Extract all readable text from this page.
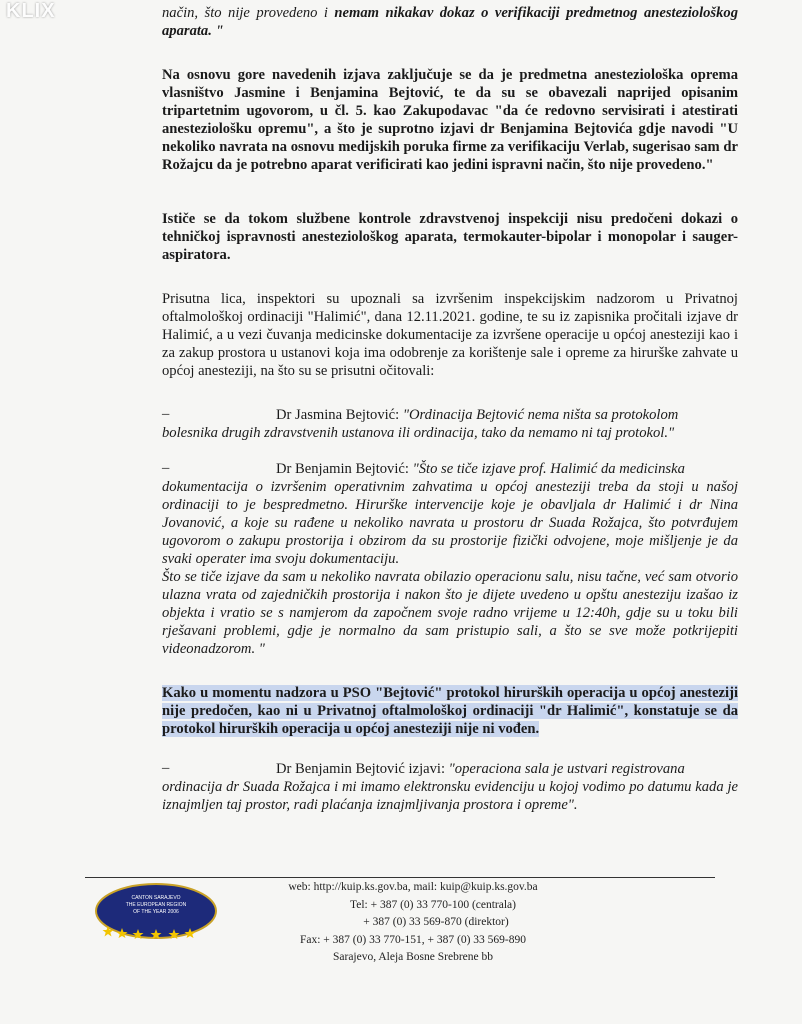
KLIX	način, što nije provedeno i nemam nikakav dokaz o verifikaciji predmetnog anesteziološkog aparata. "

Na osnovu gore navedenih izjava zaključuje se da je predmetna anesteziološka oprema vlasništvo Jasmine i Benjamina Bejtović, te da su se obavezali naprijed opisanim tripartetnim ugovorom, u čl. 5. kao Zakupodavac "da će redovno servisirati i atestirati anesteziološku opremu", a što je suprotno izjavi dr Benjamina Bejtovića gdje navodi "U nekoliko navrata na osnovu medijskih poruka firme za verifikaciju Verlab, sugerisao sam dr Rožajcu da je potrebno aparat verificirati kao jedini ispravni način, što nije provedeno."

Ističe se da tokom službene kontrole zdravstvenoj inspekciji nisu predočeni dokazi o tehničkoj ispravnosti anesteziološkog aparata, termokauter-bipolar i monopolar i sauger-aspiratora.

Prisutna lica, inspektori su upoznali sa izvršenim inspekcijskim nadzorom u Privatnoj oftalmološkoj ordinaciji "Halimić", dana 12.11.2021. godine, te su iz zapisnika pročitali izjave dr Halimić, a u vezi čuvanja medicinske dokumentacije za izvršene operacije u općoj anesteziji kao i za zakup prostora u ustanovi koja ima odobrenje za korištenje sale i opreme za hirurške zahvate u općoj anesteziji, na što su se prisutni očitovali:

–	Dr Jasmina Bejtović: "Ordinacija Bejtović nema ništa sa protokolom

bolesnika drugih zdravstvenih ustanova ili ordinacija, tako da nemamo ni taj protokol."

–	Dr Benjamin Bejtović: "Što se tiče izjave prof. Halimić da medicinska

dokumentacija o izvršenim operativnim zahvatima u općoj anesteziji treba da stoji u našoj ordinaciji to je bespredmetno. Hirurške intervencije koje je obavljala dr Halimić i dr Nina Jovanović, a koje su rađene u nekoliko navrata u prostoru dr Suada Rožajca, što potvrđujem ugovorom o zakupu prostorija i obzirom da su prostorije fizički odvojene, moje mišljenje je da svaki operater ima svoju dokumentaciju.

Što se tiče izjave da sam u nekoliko navrata obilazio operacionu salu, nisu tačne, već sam otvorio ulazna vrata od zajedničkih prostorija i nakon što je dijete uvedeno u opštu anesteziju izašao iz objekta i vratio se s namjerom da započnem svoje radno vrijeme u 12:40h, gdje su u toku bili rješavani problemi, gdje je normalno da sam pristupio sali, a što se sve može potkrijepiti videonadzorom. "

Kako u momentu nadzora u PSO "Bejtović" protokol hirurških operacija u općoj anesteziji nije predočen, kao ni u Privatnoj oftalmološkoj ordinaciji "dr Halimić", konstatuje se da protokol hirurških operacija u općoj anesteziji nije ni vođen.

–	Dr Benjamin Bejtović izjavi: "operaciona sala je ustvari registrovana

ordinacija dr Suada Rožajca i mi imamo elektronsku evidenciju u kojoj vodimo po datumu kada je iznajmljen taj prostor, radi plaćanja iznajmljivanja prostora i opreme".

CANTON SARAJEVO
THE EUROPEAN REGION
OF THE YEAR 2006
web: http://kuip.ks.gov.ba, mail: kuip@kuip.ks.gov.ba
Tel: + 387 (0) 33 770-100 (centrala)
+ 387 (0) 33 569-870 (direktor)
Fax: + 387 (0) 33 770-151, + 387 (0) 33 569-890
Sarajevo, Aleja Bosne Srebrene bb
